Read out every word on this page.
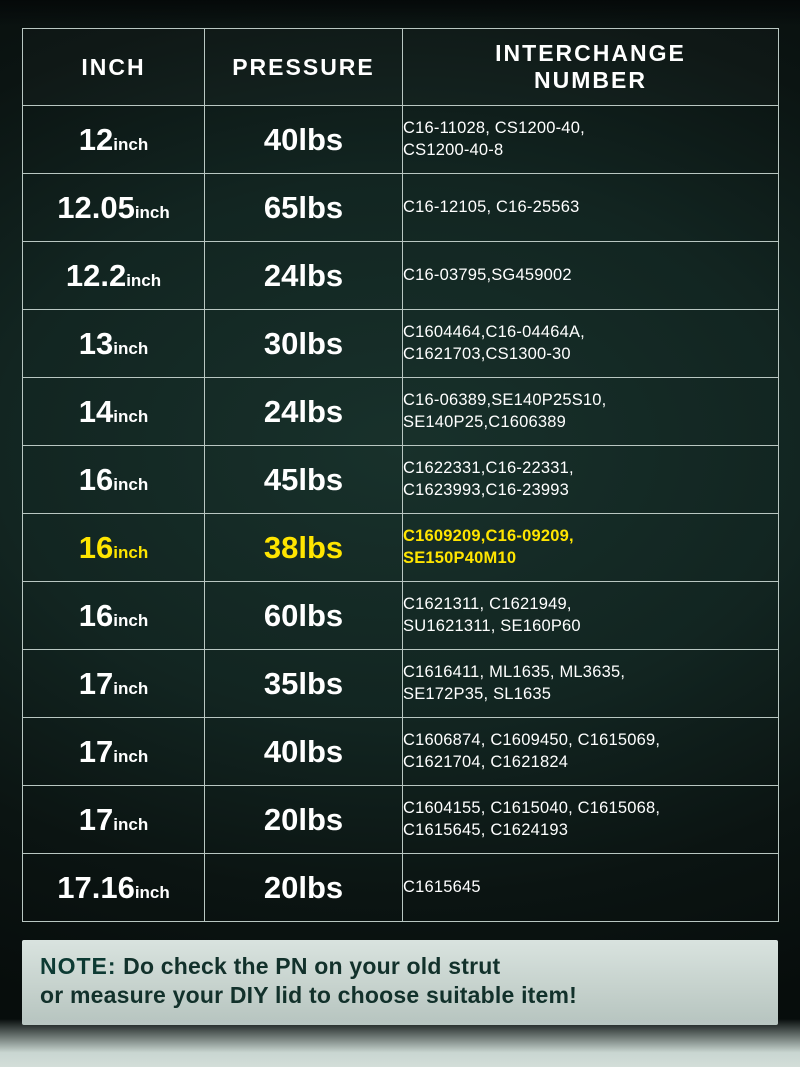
INCH	PRESSURE	INTERCHANGE
NUMBER
12inch	40lbs	C16-11028, CS1200-40,
CS1200-40-8

12.05inch	65lbs	C16-12105, C16-25563

12.2inch	24lbs	C16-03795,SG459002

13inch	30lbs	C1604464,C16-04464A,
C1621703,CS1300-30

14inch	24lbs	C16-06389,SE140P25S10,
SE140P25,C1606389

16inch	45lbs	C1622331,C16-22331,
C1623993,C16-23993

16inch	38lbs	C1609209,C16-09209,
SE150P40M10

16inch	60lbs	C1621311, C1621949,
SU1621311, SE160P60

17inch	35lbs	C1616411, ML1635, ML3635,
SE172P35, SL1635

17inch	40lbs	C1606874, C1609450, C1615069,
C1621704, C1621824

17inch	20lbs	C1604155, C1615040, C1615068,
C1615645, C1624193

17.16inch	20lbs	C1615645
NOTE: Do check the PN on your old strut
or measure your DIY lid to choose suitable item!
